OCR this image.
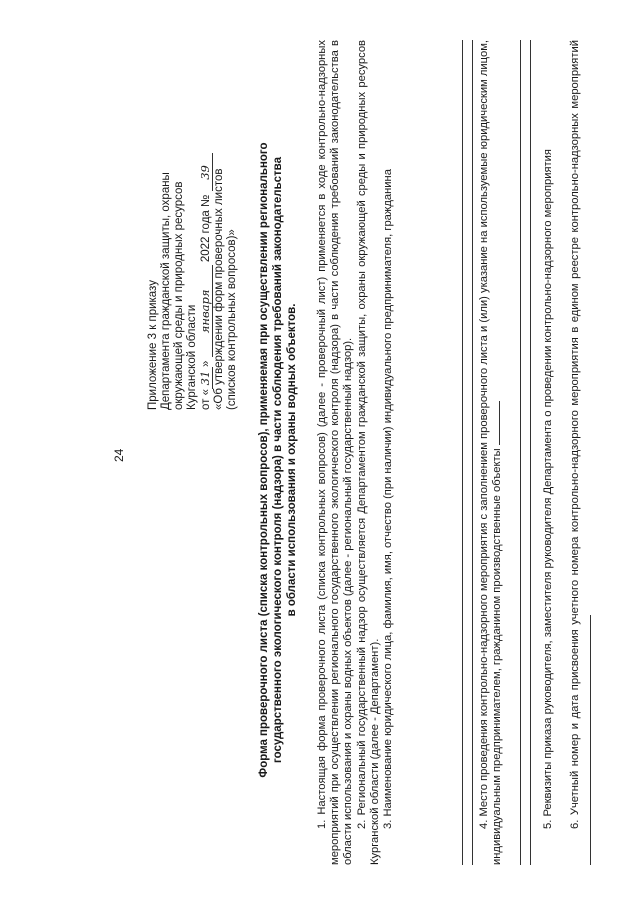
24
Приложение 3 к приказу Департамента гражданской защиты, охраны окружающей среды и природных ресурсов Курганской области от «31» января 2022 года № 39 «Об утверждении форм проверочных листов (списков контрольных вопросов)» Форма проверочного листа (списка контрольных вопросов), применяемая при осуществлении регионального государственного экологического контроля (надзора) в части соблюдения требований законодательства в области использования и охраны водных объектов. 1. Настоящая форма проверочного листа (списка контрольных вопросов) (далее - проверочный лист) применяется в ходе контрольно-надзорных мероприятий при осуществлении регионального государственного экологического контроля (надзора) в части соблюдения требований законодательства в области использования и охраны водных объектов (далее - региональный государственный надзор). 2. Региональный государственный надзор осуществляется Департаментом гражданской защиты, охраны окружающей среды и природных ресурсов Курганской области (далее - Департамент). 3. Наименование юридического лица, фамилия, имя, отчество (при наличии) индивидуального предпринимателя, гражданина	4. Место проведения контрольно-надзорного мероприятия с заполнением проверочного листа и (или) указание на используемые юридическим лицом, индивидуальным предпринимателем, гражданином производственные объекты	5. Реквизиты приказа руководителя, заместителя руководителя Департамента о проведении контрольно-надзорного мероприятия 6. Учетный номер и дата присвоения учетного номера контрольно-надзорного мероприятия в едином реестре контрольно-надзорных мероприятий
